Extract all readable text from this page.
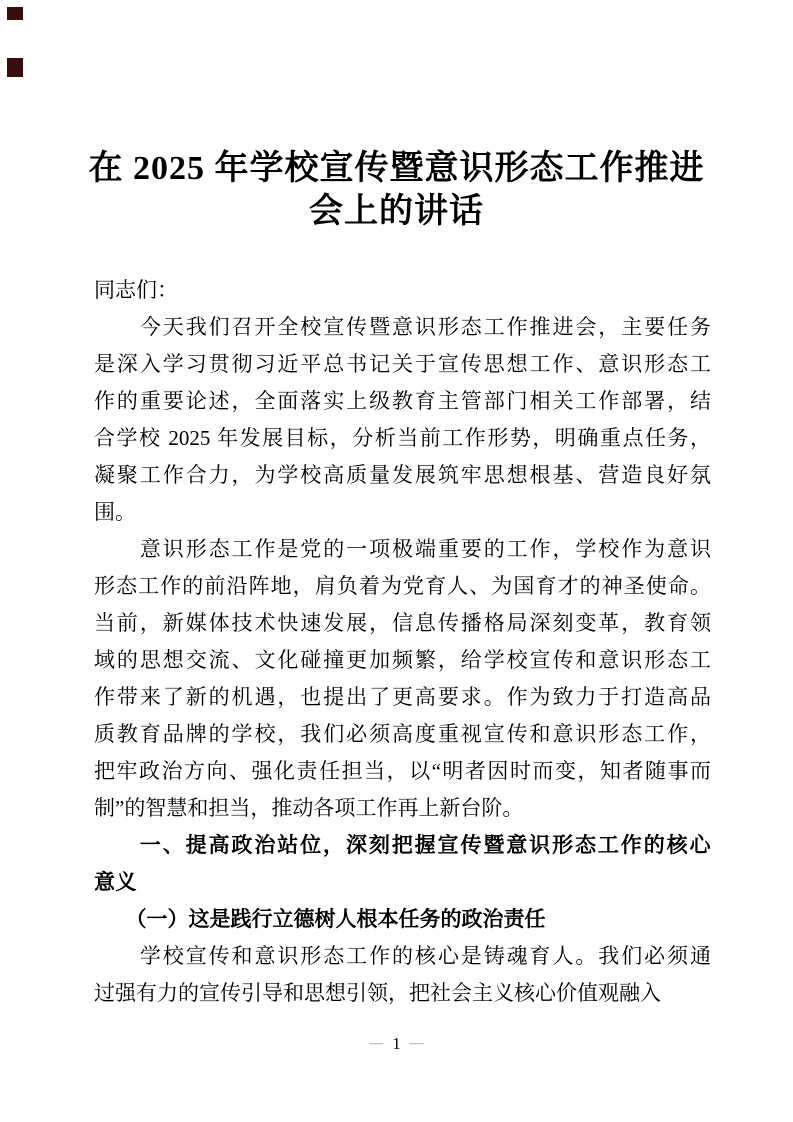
在 2025 年学校宣传暨意识形态工作推进
会上的讲话
同志们：
　　今天我们召开全校宣传暨意识形态工作推进会，主要任务
是深入学习贯彻习近平总书记关于宣传思想工作、意识形态工
作的重要论述，全面落实上级教育主管部门相关工作部署，结
合学校 2025 年发展目标，分析当前工作形势，明确重点任务，
凝聚工作合力，为学校高质量发展筑牢思想根基、营造良好氛
围。
　　意识形态工作是党的一项极端重要的工作，学校作为意识
形态工作的前沿阵地，肩负着为党育人、为国育才的神圣使命。
当前，新媒体技术快速发展，信息传播格局深刻变革，教育领
域的思想交流、文化碰撞更加频繁，给学校宣传和意识形态工
作带来了新的机遇，也提出了更高要求。作为致力于打造高品
质教育品牌的学校，我们必须高度重视宣传和意识形态工作，
把牢政治方向、强化责任担当，以“明者因时而变，知者随事而
制”的智慧和担当，推动各项工作再上新台阶。
　　一、提高政治站位，深刻把握宣传暨意识形态工作的核心
意义
　　（一）这是践行立德树人根本任务的政治责任
　　学校宣传和意识形态工作的核心是铸魂育人。我们必须通
过强有力的宣传引导和思想引领，把社会主义核心价值观融入
— 1 —
